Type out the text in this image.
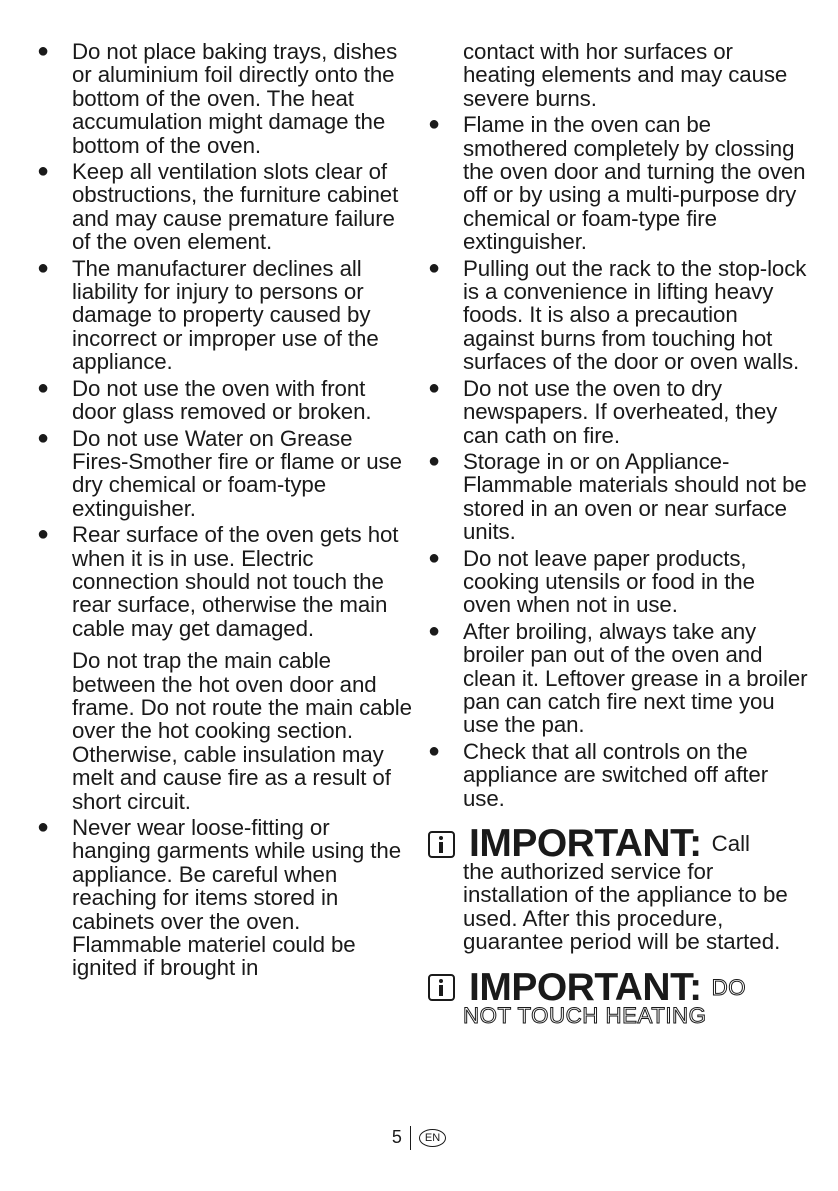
● Do not place baking trays, dishes or aluminium foil directly onto the bottom of the oven. The heat accumulation might damage the bottom of the oven.
● Keep all ventilation slots clear of obstructions, the furniture cabinet and may cause premature failure of the oven element.
● The manufacturer declines all liability for injury to persons or damage to property caused by incorrect or improper use of the appliance.
● Do not use the oven with front door glass removed or broken.
● Do not use Water on Grease Fires-Smother fire or flame or use dry chemical or foam-type extinguisher.
● Rear surface of the oven gets hot when it is in use. Electric connection should not touch the rear surface, otherwise the main cable may get damaged.
Do not trap the main cable between the hot oven door and frame. Do not route the main cable over the hot cooking section. Otherwise, cable insulation may melt and cause fire as a result of short circuit.
● Never wear loose-fitting or hanging garments while using the appliance. Be careful when reaching for items stored in cabinets over the oven. Flammable materiel could be ignited if brought in
contact with hor surfaces or heating elements and may cause severe burns.
● Flame in the oven can be smothered completely by clossing the oven door and turning the oven off or by using a multi-purpose dry chemical or foam-type fire extinguisher.
● Pulling out the rack to the stop-lock is a convenience in lifting heavy foods. It is also a precaution against burns from touching hot surfaces of the door or oven walls.
● Do not use the oven to dry newspapers. If overheated, they can cath on fire.
● Storage in or on Appliance-Flammable materials should not be stored in an oven or near surface units.
● Do not leave paper products, cooking utensils or food in the oven when not in use.
● After broiling, always take any broiler pan out of the oven and clean it. Leftover grease in a broiler pan can catch fire next time you use the pan.
● Check that all controls on the appliance are switched off after use.
IMPORTANT: Call
the authorized service for installation of the appliance to be used. After this procedure, guarantee period will be started.
IMPORTANT: DO
NOT TOUCH HEATING
5 EN
